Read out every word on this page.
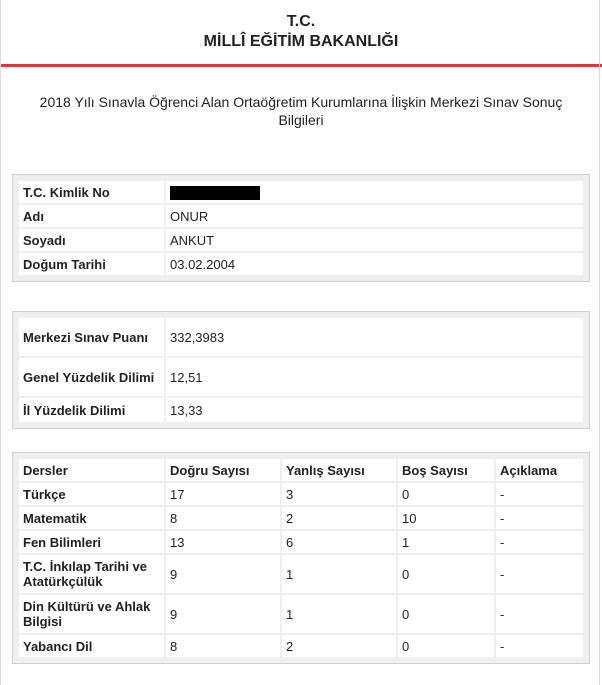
T.C.
MİLLÎ EĞİTİM BAKANLIĞI
2018 Yılı Sınavla Öğrenci Alan Ortaöğretim Kurumlarına İlişkin Merkezi Sınav Sonuç Bilgileri
T.C. Kimlik No	
Adı	ONUR
Soyadı	ANKUT
Doğum Tarihi	03.02.2004
Merkezi Sınav Puanı	332,3983
Genel Yüzdelik Dilimi	12,51
İl Yüzdelik Dilimi	13,33
Dersler	Doğru Sayısı	Yanlış Sayısı	Boş Sayısı	Açıklama
Türkçe	17	3	0	-
Matematik	8	2	10	-
Fen Bilimleri	13	6	1	-
T.C. İnkılap Tarihi ve Atatürkçülük	9	1	0	-
Din Kültürü ve Ahlak Bilgisi	9	1	0	-
Yabancı Dil	8	2	0	-
